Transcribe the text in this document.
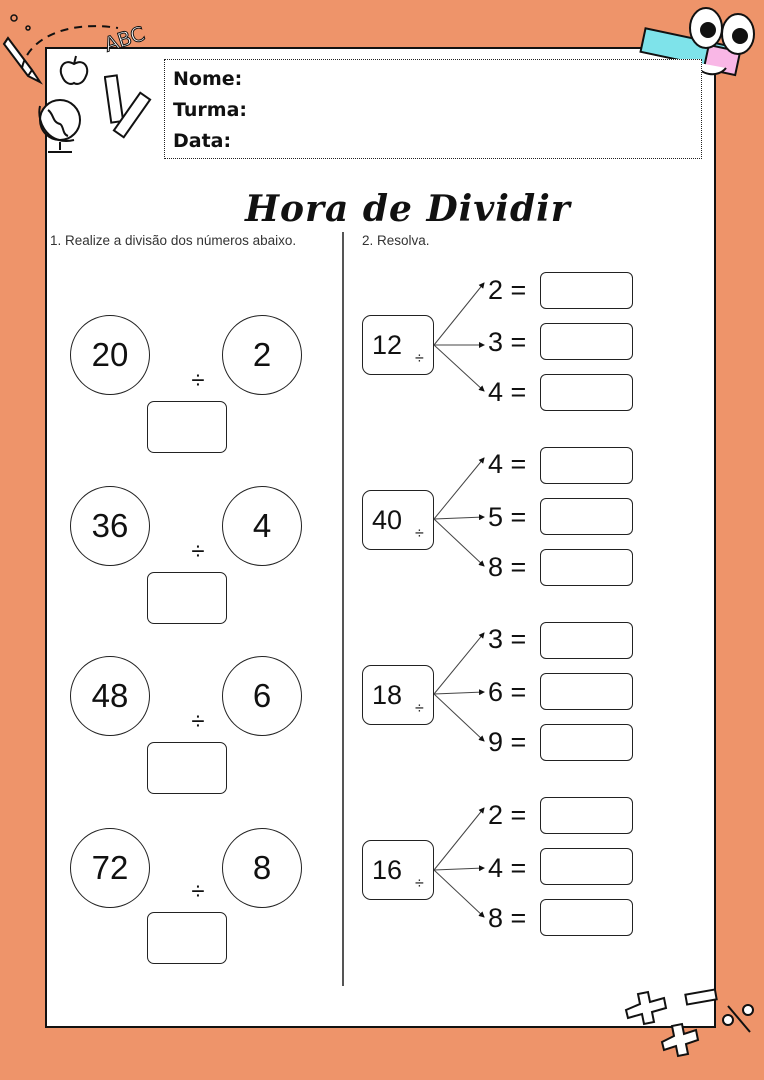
ABC
Nome:
Turma:
Data:
Hora de Dividir
1. Realize a divisão dos números abaixo.	2. Resolva.
20	2
÷
36	4
÷
48	6
÷
72	8
÷
12 ÷
2 =
3 =
4 =
40 ÷
4 =
5 =
8 =
18 ÷
3 =
6 =
9 =
16 ÷
2 =
4 =
8 =
